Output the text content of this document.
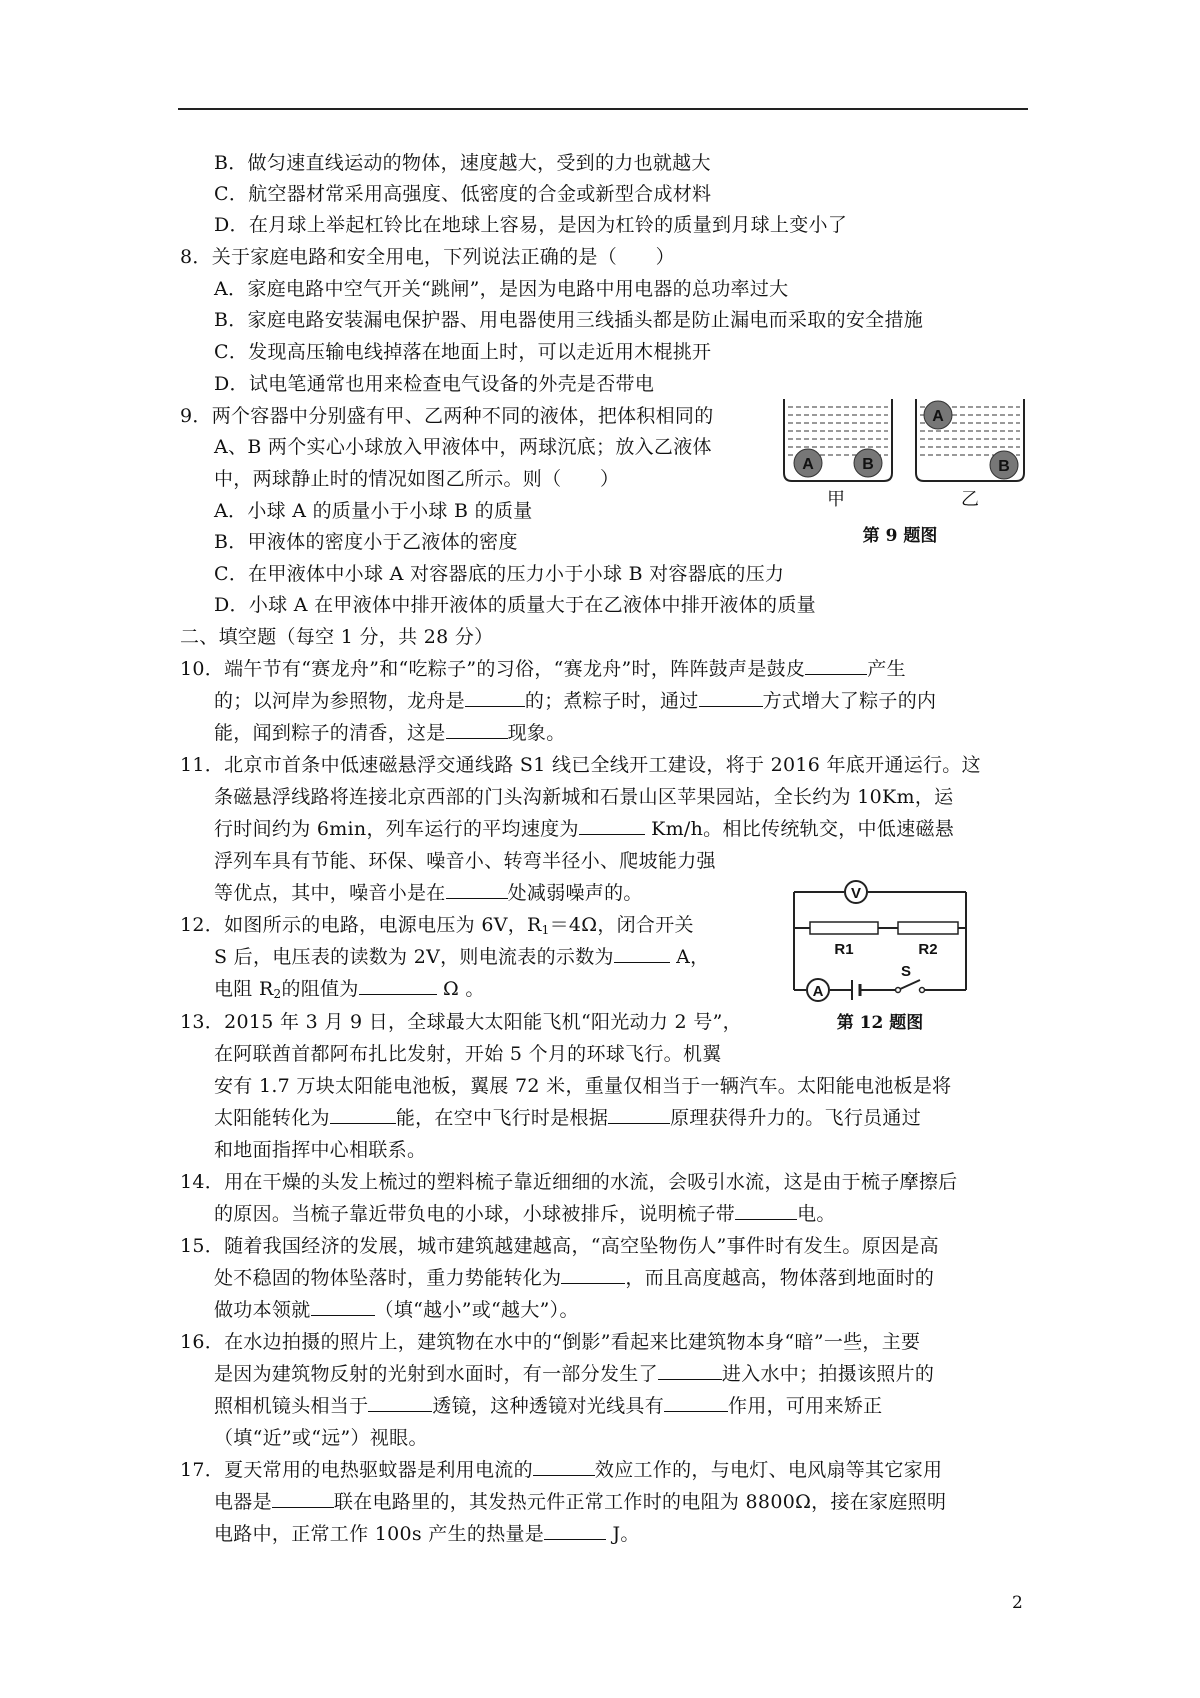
B．做匀速直线运动的物体，速度越大，受到的力也就越大
C．航空器材常采用高强度、低密度的合金或新型合成材料
D．在月球上举起杠铃比在地球上容易，是因为杠铃的质量到月球上变小了
8．关于家庭电路和安全用电，下列说法正确的是（　　）
A．家庭电路中空气开关“跳闸”，是因为电路中用电器的总功率过大
B．家庭电路安装漏电保护器、用电器使用三线插头都是防止漏电而采取的安全措施
C．发现高压输电线掉落在地面上时，可以走近用木棍挑开
D．试电笔通常也用来检查电气设备的外壳是否带电
9．两个容器中分别盛有甲、乙两种不同的液体，把体积相同的
A、B 两个实心小球放入甲液体中，两球沉底；放入乙液体
中，两球静止时的情况如图乙所示。则（　　）
A．小球 A 的质量小于小球 B 的质量
B．甲液体的密度小于乙液体的密度
C．在甲液体中小球 A 对容器底的压力小于小球 B 对容器底的压力
D．小球 A 在甲液体中排开液体的质量大于在乙液体中排开液体的质量
A	B
A
B
甲	乙
第 9 题图
二、填空题（每空 1 分，共 28 分）
10．端午节有“赛龙舟”和“吃粽子”的习俗，“赛龙舟”时，阵阵鼓声是鼓皮	产生
的；以河岸为参照物，龙舟是	的；煮粽子时，通过	方式增大了粽子的内
能，闻到粽子的清香，这是	现象。
11．北京市首条中低速磁悬浮交通线路 S1 线已全线开工建设，将于 2016 年底开通运行。这
条磁悬浮线路将连接北京西部的门头沟新城和石景山区苹果园站，全长约为 10Km，运
行时间约为 6min，列车运行的平均速度为	Km/h。相比传统轨交，中低速磁悬
浮列车具有节能、环保、噪音小、转弯半径小、爬坡能力强
等优点，其中，噪音小是在	处减弱噪声的。
12．如图所示的电路，电源电压为 6V，$R_1=4\Omega$，闭合开关
S 后，电压表的读数为 2V，则电流表的示数为	A，
电阻 $R_2$的阻值为	Ω 。
V
A
R1	R2
S
第 12 题图
13．2015 年 3 月 9 日，全球最大太阳能飞机“阳光动力 2 号”，
在阿联酋首都阿布扎比发射，开始 5 个月的环球飞行。机翼
安有 1.7 万块太阳能电池板，翼展 72 米，重量仅相当于一辆汽车。太阳能电池板是将
太阳能转化为	能，在空中飞行时是根据	原理获得升力的。飞行员通过
和地面指挥中心相联系。
14．用在干燥的头发上梳过的塑料梳子靠近细细的水流，会吸引水流，这是由于梳子摩擦后
的原因。当梳子靠近带负电的小球，小球被排斥，说明梳子带	电。
15．随着我国经济的发展，城市建筑越建越高，“高空坠物伤人”事件时有发生。原因是高
处不稳固的物体坠落时，重力势能转化为	，而且高度越高，物体落到地面时的
做功本领就	（填“越小”或“越大”）。
16．在水边拍摄的照片上，建筑物在水中的“倒影”看起来比建筑物本身“暗”一些，主要
是因为建筑物反射的光射到水面时，有一部分发生了	进入水中；拍摄该照片的
照相机镜头相当于	透镜，这种透镜对光线具有	作用，可用来矫正
（填“近”或“远”）视眼。
17．夏天常用的电热驱蚊器是利用电流的	效应工作的，与电灯、电风扇等其它家用
电器是	联在电路里的，其发热元件正常工作时的电阻为 8800Ω，接在家庭照明
电路中，正常工作 100s 产生的热量是	J。
2
